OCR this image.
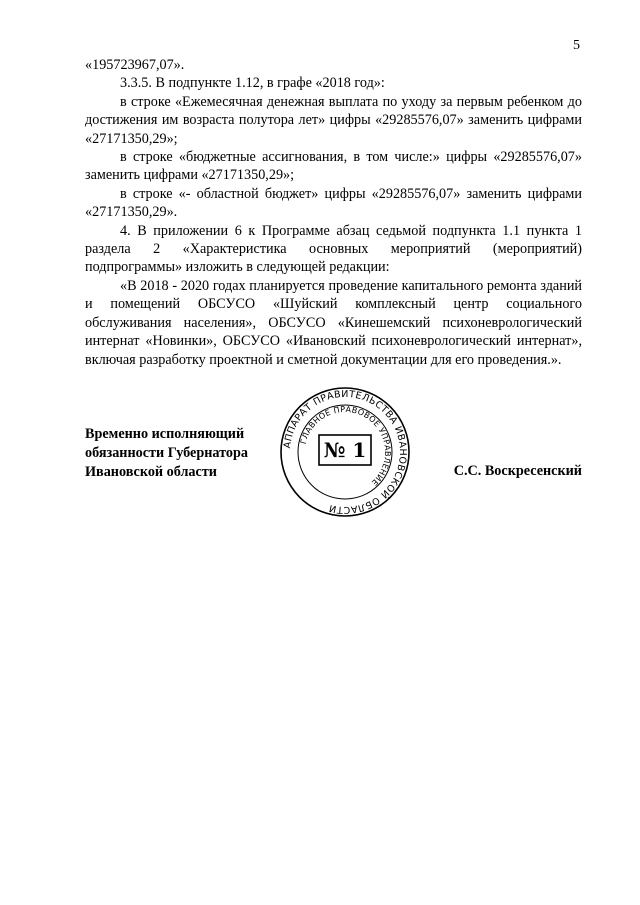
5

«195723967,07».

3.3.5. В подпункте 1.12, в графе «2018 год»:

в строке «Ежемесячная денежная выплата по уходу за первым ребенком до достижения им возраста полутора лет» цифры «29285576,07» заменить цифрами «27171350,29»;

в строке «бюджетные ассигнования, в том числе:» цифры «29285576,07» заменить цифрами «27171350,29»;

в строке «- областной бюджет» цифры «29285576,07» заменить цифрами «27171350,29».

4. В приложении 6 к Программе абзац седьмой подпункта 1.1 пункта 1 раздела 2 «Характеристика основных мероприятий (мероприятий) подпрограммы» изложить в следующей редакции:

«В 2018 - 2020 годах планируется проведение капитального ремонта зданий и помещений ОБСУСО «Шуйский комплексный центр социального обслуживания населения», ОБСУСО «Кинешемский психоневрологический интернат «Новинки», ОБСУСО «Ивановский психоневрологический интернат», включая разработку проектной и сметной документации для его проведения.».

Временно исполняющий
обязанности Губернатора
Ивановской области
АППАРАТ ПРАВИТЕЛЬСТВА ИВАНОВСКОЙ ОБЛАСТИ
ГЛАВНОЕ ПРАВОВОЕ УПРАВЛЕНИЕ
№ 1
С.С. Воскресенский
